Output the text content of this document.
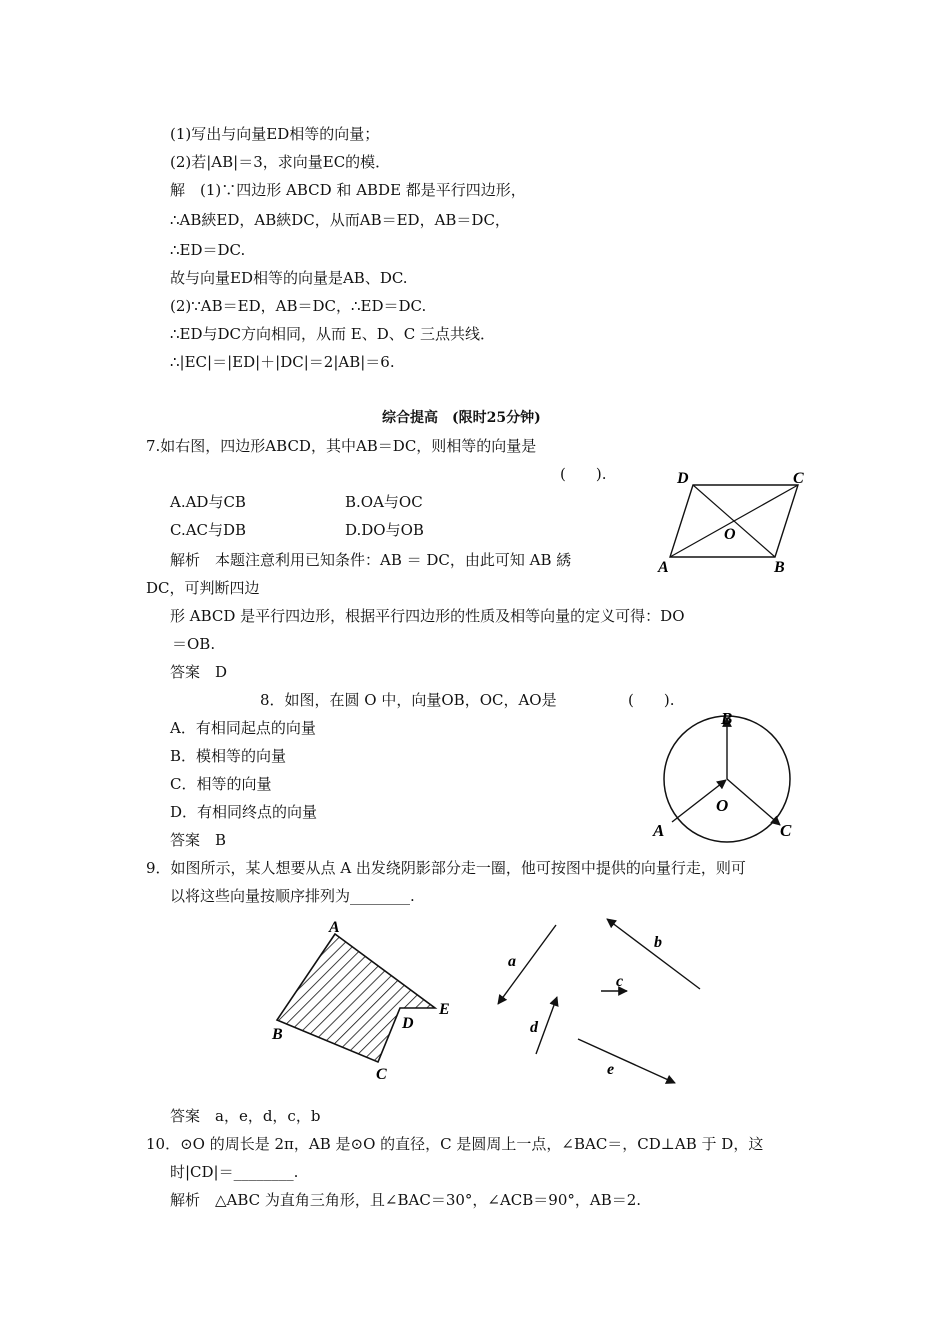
(1)写出与向量ED相等的向量；
(2)若|AB|＝3，求向量EC的模．
解　(1)∵四边形 ABCD 和 ABDE 都是平行四边形，
∴AB綊ED，AB綊DC，从而AB＝ED，AB＝DC，
∴ED＝DC.
故与向量ED相等的向量是AB、DC.
(2)∵AB＝ED，AB＝DC，∴ED＝DC.
∴ED与DC方向相同，从而 E、D、C 三点共线．
∴|EC|＝|ED|＋|DC|＝2|AB|＝6.
综合提高　(限时25分钟)
7.如右图，四边形ABCD，其中AB＝DC，则相等的向量是
(　　).
A.AD与CB	B.OA与OC
C.AC与DB	D.DO与OB
解析　本题注意利用已知条件：AB ＝ DC，由此可知 AB 綉
DC，可判断四边
形 ABCD 是平行四边形，根据平行四边形的性质及相等向量的定义可得：DO
＝OB.
答案　D
D	C
O
A	B
8．如图，在圆 O 中，向量OB，OC，AO是	(　　).
A．有相同起点的向量
B．模相等的向量
C．相等的向量
D．有相同终点的向量
答案　B
B
O
A	C
9．如图所示，某人想要从点 A 出发绕阴影部分走一圈，他可按图中提供的向量行走，则可
以将这些向量按顺序排列为________.
A
B
C
D
E
a
b
c
d
e
答案　a，e，d，c，b
10．⊙O 的周长是 2π，AB 是⊙O 的直径，C 是圆周上一点，∠BAC＝，CD⊥AB 于 D，这
时|CD|＝________.
解析　△ABC 为直角三角形，且∠BAC＝30°，∠ACB＝90°，AB＝2.
